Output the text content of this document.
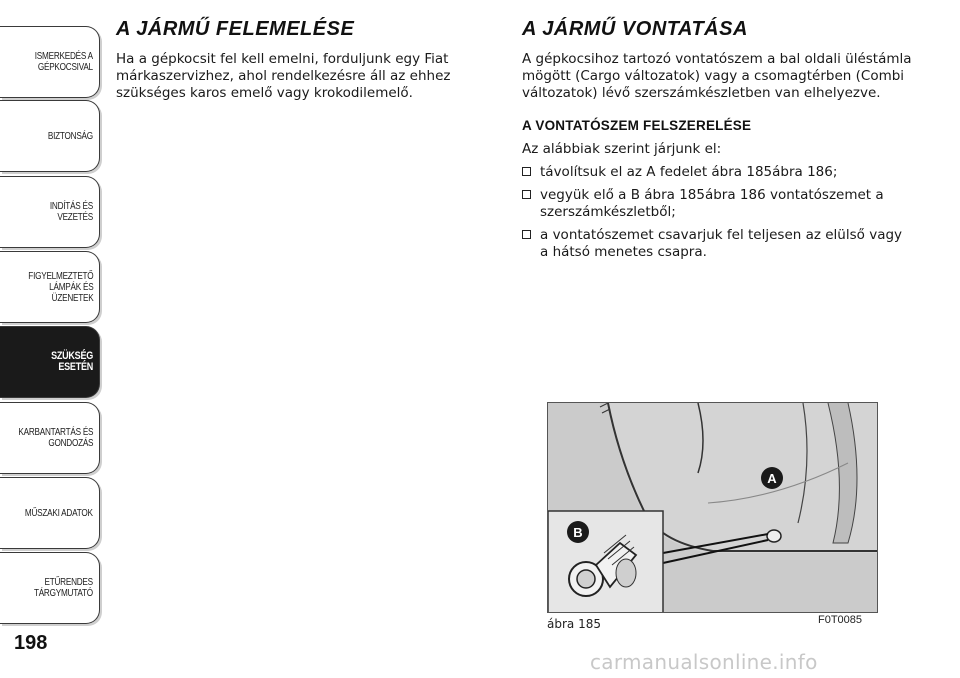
ISMERKEDÉS A
GÉPKOCSIVAL
BIZTONSÁG
INDÍTÁS ÉS VEZETÉS
FIGYELMEZTETŐ
LÁMPÁK ÉS
ÜZENETEK
SZÜKSÉG ESETÉN
KARBANTARTÁS ÉS
GONDOZÁS
MŰSZAKI ADATOK
ETŰRENDES
TÁRGYMUTATÓ
198
A JÁRMŰ FELEMELÉSE

Ha a gépkocsit fel kell emelni, forduljunk egy Fiat márkaszervizhez, ahol rendelkezésre áll az ehhez szükséges karos emelő vagy krokodilemelő.

A JÁRMŰ VONTATÁSA

A gépkocsihoz tartozó vontatószem a bal oldali üléstámla mögött (Cargo változatok) vagy a csomagtérben (Combi változatok) lévő szerszámkészletben van elhelyezve.

A VONTATÓSZEM FELSZERELÉSE

Az alábbiak szerint járjunk el:

távolítsuk el az A fedelet ábra 185ábra 186;
vegyük elő a B ábra 185ábra 186 vontatószemet a szerszámkészletből;
a vontatószemet csavarjuk fel teljesen az elülső vagy a hátsó menetes csapra.
A
B
ábra 185	F0T0085
carmanualsonline.info
